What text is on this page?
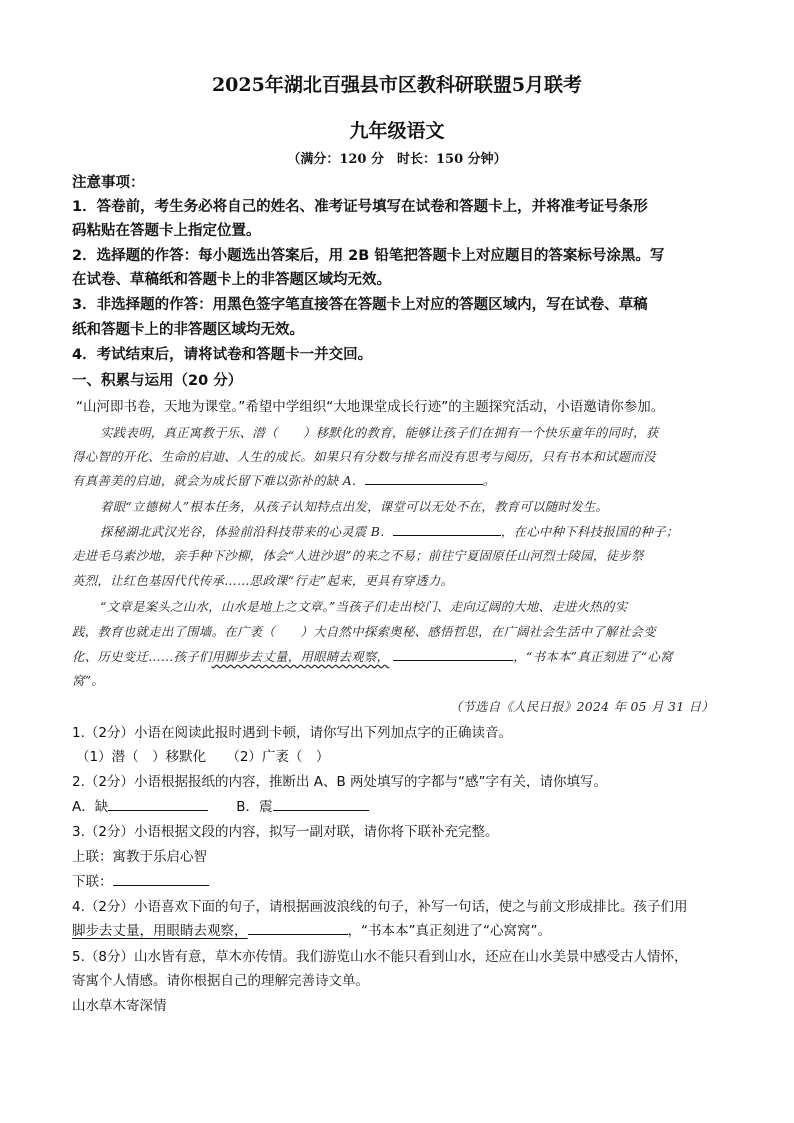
2025年湖北百强县市区教科研联盟5月联考
九年级语文
（满分：120 分　时长：150 分钟）
注意事项：
1．答卷前，考生务必将自己的姓名、准考证号填写在试卷和答题卡上，并将准考证号条形
码粘贴在答题卡上指定位置。
2．选择题的作答：每小题选出答案后，用 2B 铅笔把答题卡上对应题目的答案标号涂黑。写
在试卷、草稿纸和答题卡上的非答题区域均无效。
3．非选择题的作答：用黑色签字笔直接答在答题卡上对应的答题区域内，写在试卷、草稿
纸和答题卡上的非答题区域均无效。
4．考试结束后，请将试卷和答题卡一并交回。
一、积累与运用（20 分）
“山河即书卷，天地为课堂。”希望中学组织“大地课堂成长行迹”的主题探究活动，小语邀请你参加。
实践表明，真正寓教于乐、潜（　　）移默化的教育，能够让孩子们在拥有一个快乐童年的同时，获
得心智的开化、生命的启迪、人生的成长。如果只有分数与排名而没有思考与阅历，只有书本和试题而没
有真善美的启迪，就会为成长留下难以弥补的缺 A．	。
着眼“立德树人”根本任务，从孩子认知特点出发，课堂可以无处不在，教育可以随时发生。
探秘湖北武汉光谷，体验前沿科技带来的心灵震 B．	，在心中种下科技报国的种子；
走进毛乌素沙地，亲手种下沙柳，体会“人进沙退”的来之不易；前往宁夏固原任山河烈士陵园，徒步祭
英烈，让红色基因代代传承……思政课“行走”起来，更具有穿透力。
“文章是案头之山水，山水是地上之文章。”当孩子们走出校门、走向辽阔的大地、走进火热的实
践，教育也就走出了围墙。在广袤（　　）大自然中探索奥秘、感悟哲思，在广阔社会生活中了解社会变
化、历史变迁……孩子们用脚步去丈量，用眼睛去观察，	，“书本本”真正刻进了“心窝
窝”。
（节选自《人民日报》2024 年 05 月 31 日）
1.（2分）小语在阅读此报时遇到卡顿，请你写出下列加点字的正确读音。
（1）潜（　）移默化　　（2）广袤（　）
2.（2分）小语根据报纸的内容，推断出 A、B 两处填写的字都与“感”字有关，请你填写。
A．缺	B．震
3.（2分）小语根据文段的内容，拟写一副对联，请你将下联补充完整。
上联：寓教于乐启心智
下联：
4.（2分）小语喜欢下面的句子，请根据画波浪线的句子，补写一句话，使之与前文形成排比。孩子们用
脚步去丈量，用眼睛去观察，	，“书本本”真正刻进了“心窝窝”。
5.（8分）山水皆有意，草木亦传情。我们游览山水不能只看到山水，还应在山水美景中感受古人情怀，
寄寓个人情感。请你根据自己的理解完善诗文单。
山水草木寄深情
